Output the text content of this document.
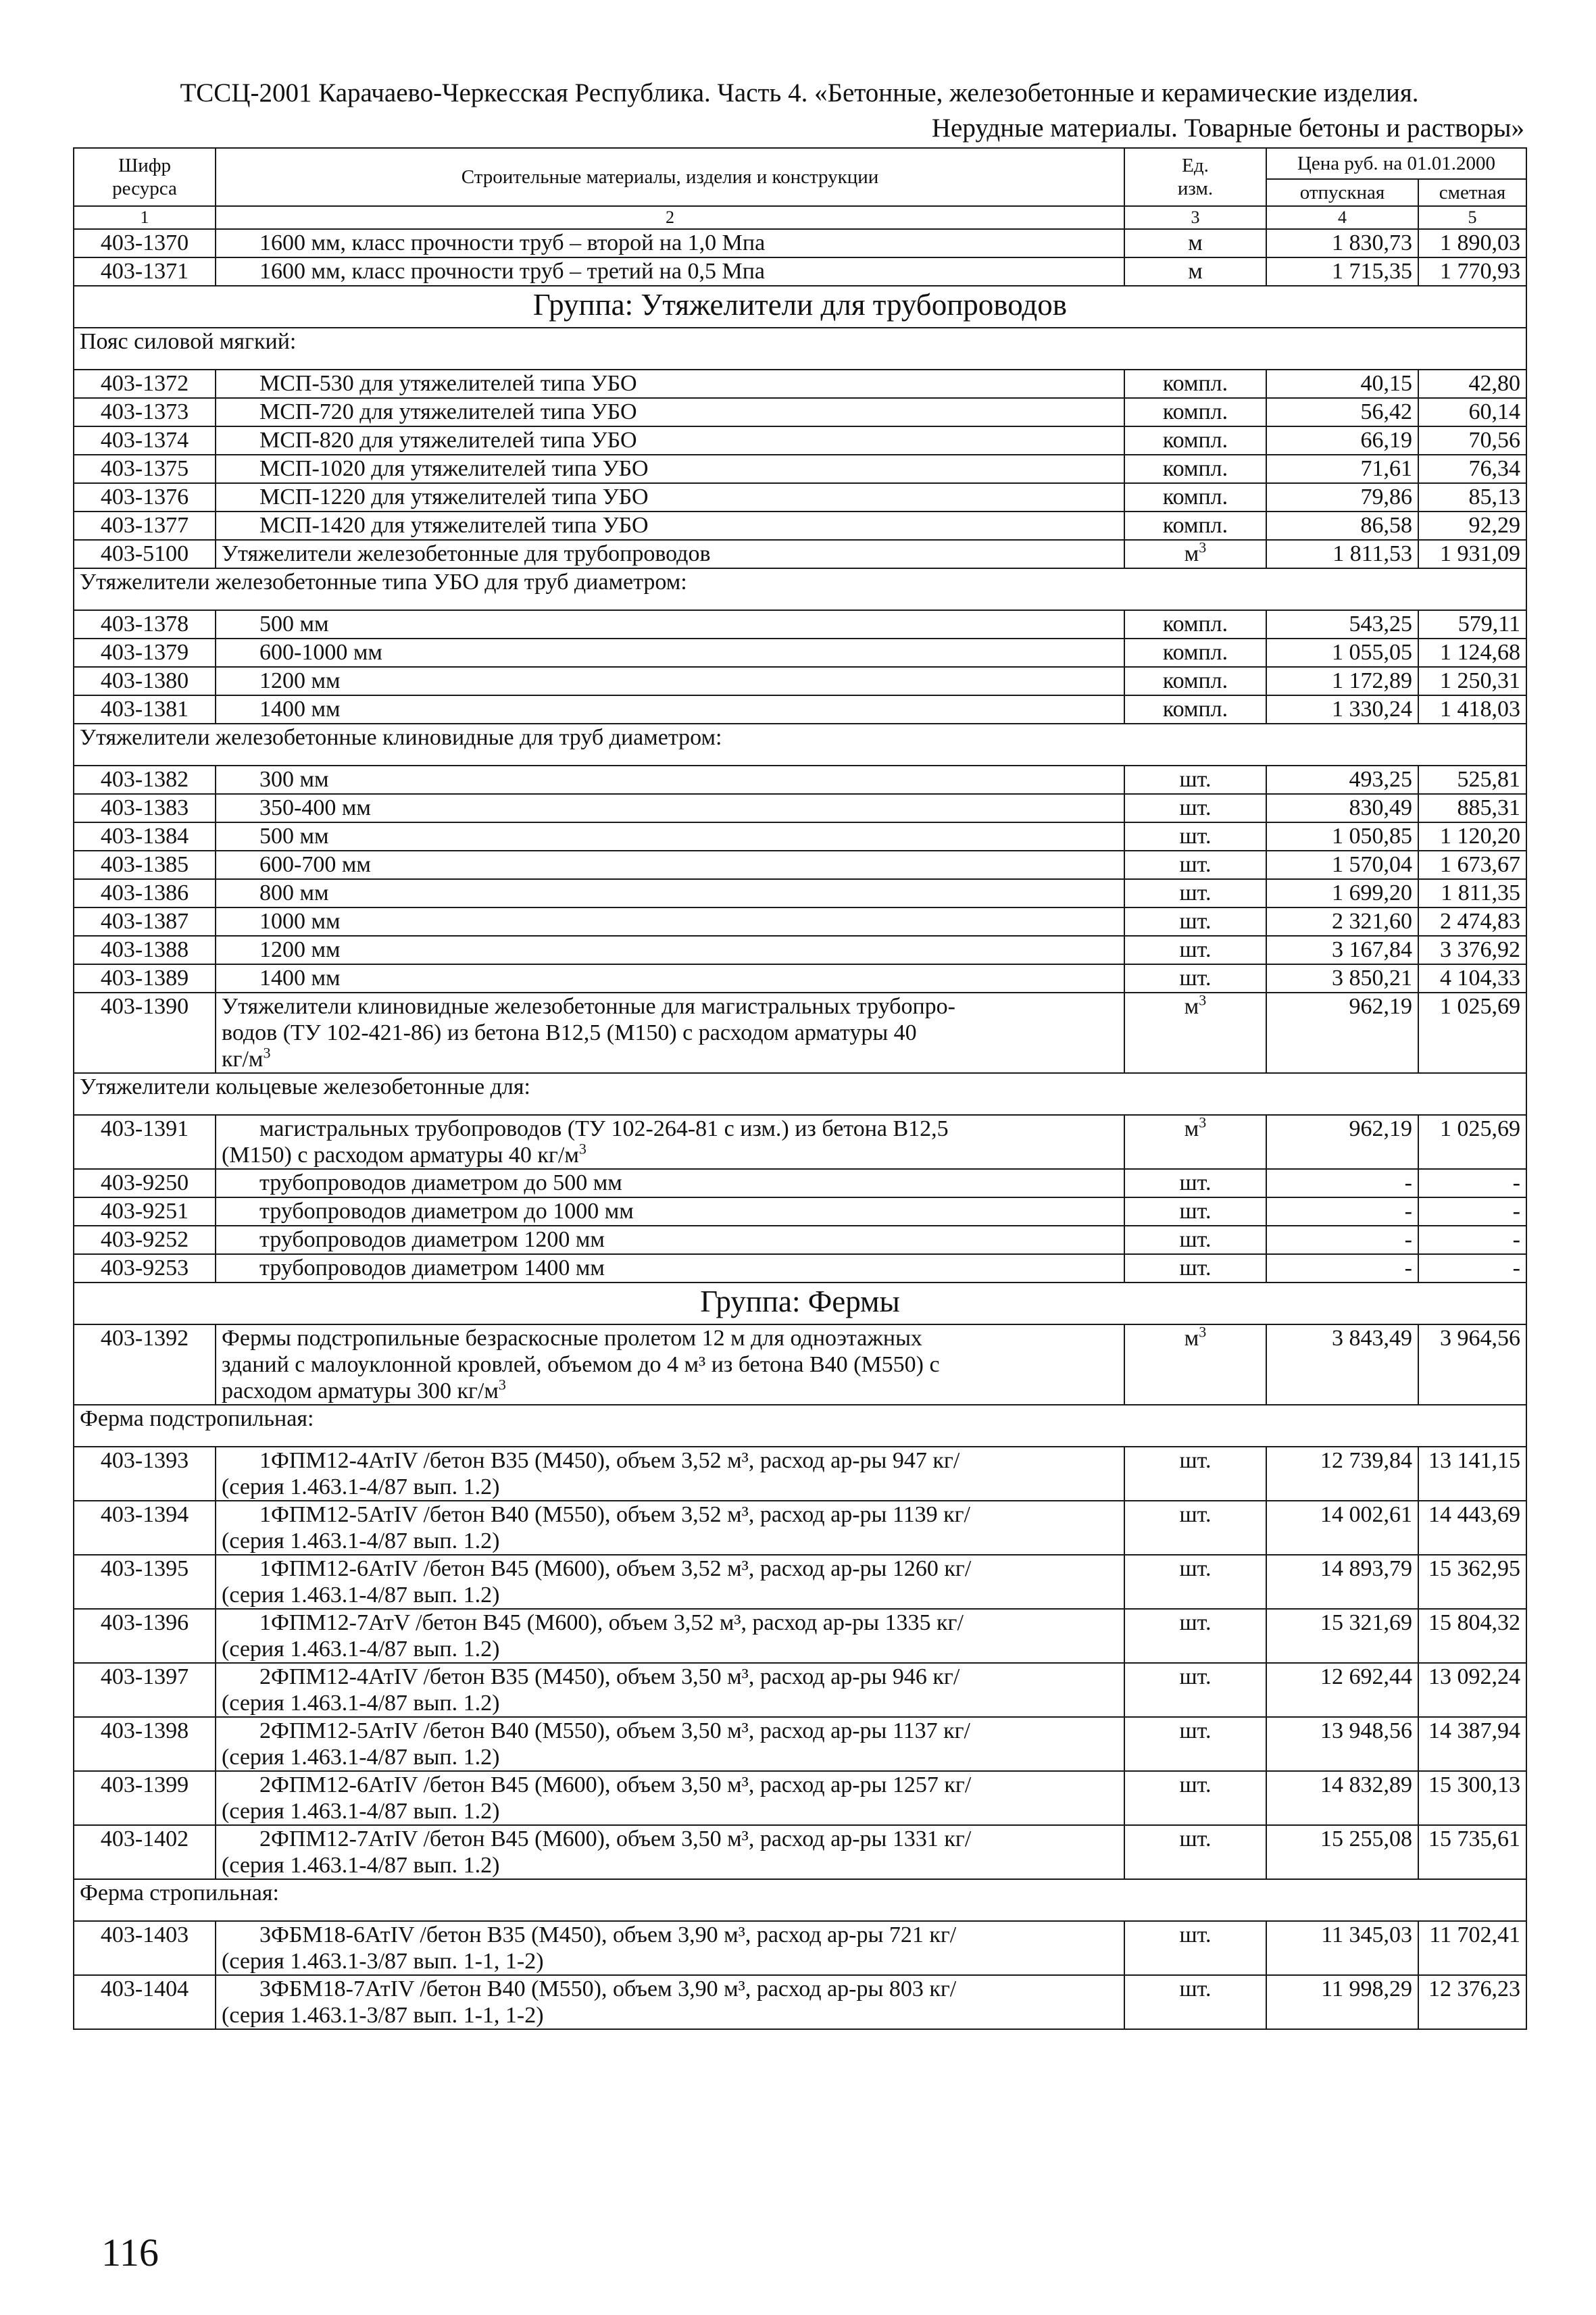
ТССЦ-2001 Карачаево-Черкесская Республика. Часть 4. «Бетонные, железобетонные и керамические изделия.
Нерудные материалы. Товарные бетоны и растворы»
Шифр
ресурса	Строительные материалы, изделия и конструкции	Ед.
изм.	Цена руб. на 01.01.2000	
			отпускная	сметная
1	2	3	4	5
403-1370	1600 мм, класс прочности труб – второй на 1,0 Мпа	м	1 830,73	1 890,03
403-1371	1600 мм, класс прочности труб – третий на 0,5 Мпа	м	1 715,35	1 770,93
Группа: Утяжелители для трубопроводов				
Пояс силовой мягкий:				
403-1372	МСП-530 для утяжелителей типа УБО	компл.	40,15	42,80
403-1373	МСП-720 для утяжелителей типа УБО	компл.	56,42	60,14
403-1374	МСП-820 для утяжелителей типа УБО	компл.	66,19	70,56
403-1375	МСП-1020 для утяжелителей типа УБО	компл.	71,61	76,34
403-1376	МСП-1220 для утяжелителей типа УБО	компл.	79,86	85,13
403-1377	МСП-1420 для утяжелителей типа УБО	компл.	86,58	92,29
403-5100	Утяжелители железобетонные для трубопроводов	$м^3$	1 811,53	1 931,09
Утяжелители железобетонные типа УБО для труб диаметром:				
403-1378	500 мм	компл.	543,25	579,11
403-1379	600-1000 мм	компл.	1 055,05	1 124,68
403-1380	1200 мм	компл.	1 172,89	1 250,31
403-1381	1400 мм	компл.	1 330,24	1 418,03
Утяжелители железобетонные клиновидные для труб диаметром:				
403-1382	300 мм	шт.	493,25	525,81
403-1383	350-400 мм	шт.	830,49	885,31
403-1384	500 мм	шт.	1 050,85	1 120,20
403-1385	600-700 мм	шт.	1 570,04	1 673,67
403-1386	800 мм	шт.	1 699,20	1 811,35
403-1387	1000 мм	шт.	2 321,60	2 474,83
403-1388	1200 мм	шт.	3 167,84	3 376,92
403-1389	1400 мм	шт.	3 850,21	4 104,33
403-1390	Утяжелители клиновидные железобетонные для магистральных трубопро-
водов (ТУ 102-421-86) из бетона В12,5 (М150) с расходом арматуры 40
$кг/м^3$	$м^3$	962,19	1 025,69
Утяжелители кольцевые железобетонные для:				
403-1391	магистральных трубопроводов (ТУ 102-264-81 с изм.) из бетона В12,5
(М150) с расходом арматуры 40 $кг/м^3$	$м^3$	962,19	1 025,69
403-9250	трубопроводов диаметром до 500 мм	шт.	-	-
403-9251	трубопроводов диаметром до 1000 мм	шт.	-	-
403-9252	трубопроводов диаметром 1200 мм	шт.	-	-
403-9253	трубопроводов диаметром 1400 мм	шт.	-	-
Группа: Фермы				
403-1392	Фермы подстропильные безраскосные пролетом 12 м для одноэтажных
зданий с малоуклонной кровлей, объемом до 4 м³ из бетона В40 (М550) с
расходом арматуры 300 $кг/м^3$	$м^3$	3 843,49	3 964,56
Ферма подстропильная:				
403-1393	1ФПМ12-4АтIV /бетон В35 (М450), объем 3,52 м³, расход ар-ры 947 кг/
(серия 1.463.1-4/87 вып. 1.2)	шт.	12 739,84	13 141,15
403-1394	1ФПМ12-5АтIV /бетон В40 (М550), объем 3,52 м³, расход ар-ры 1139 кг/
(серия 1.463.1-4/87 вып. 1.2)	шт.	14 002,61	14 443,69
403-1395	1ФПМ12-6АтIV /бетон В45 (М600), объем 3,52 м³, расход ар-ры 1260 кг/
(серия 1.463.1-4/87 вып. 1.2)	шт.	14 893,79	15 362,95
403-1396	1ФПМ12-7АтV /бетон В45 (М600), объем 3,52 м³, расход ар-ры 1335 кг/
(серия 1.463.1-4/87 вып. 1.2)	шт.	15 321,69	15 804,32
403-1397	2ФПМ12-4АтIV /бетон В35 (М450), объем 3,50 м³, расход ар-ры 946 кг/
(серия 1.463.1-4/87 вып. 1.2)	шт.	12 692,44	13 092,24
403-1398	2ФПМ12-5АтIV /бетон В40 (М550), объем 3,50 м³, расход ар-ры 1137 кг/
(серия 1.463.1-4/87 вып. 1.2)	шт.	13 948,56	14 387,94
403-1399	2ФПМ12-6АтIV /бетон В45 (М600), объем 3,50 м³, расход ар-ры 1257 кг/
(серия 1.463.1-4/87 вып. 1.2)	шт.	14 832,89	15 300,13
403-1402	2ФПМ12-7АтIV /бетон В45 (М600), объем 3,50 м³, расход ар-ры 1331 кг/
(серия 1.463.1-4/87 вып. 1.2)	шт.	15 255,08	15 735,61
Ферма стропильная:				
403-1403	3ФБМ18-6АтIV /бетон В35 (М450), объем 3,90 м³, расход ар-ры 721 кг/
(серия 1.463.1-3/87 вып. 1-1, 1-2)	шт.	11 345,03	11 702,41
403-1404	3ФБМ18-7АтIV /бетон В40 (М550), объем 3,90 м³, расход ар-ры 803 кг/
(серия 1.463.1-3/87 вып. 1-1, 1-2)	шт.	11 998,29	12 376,23
116
